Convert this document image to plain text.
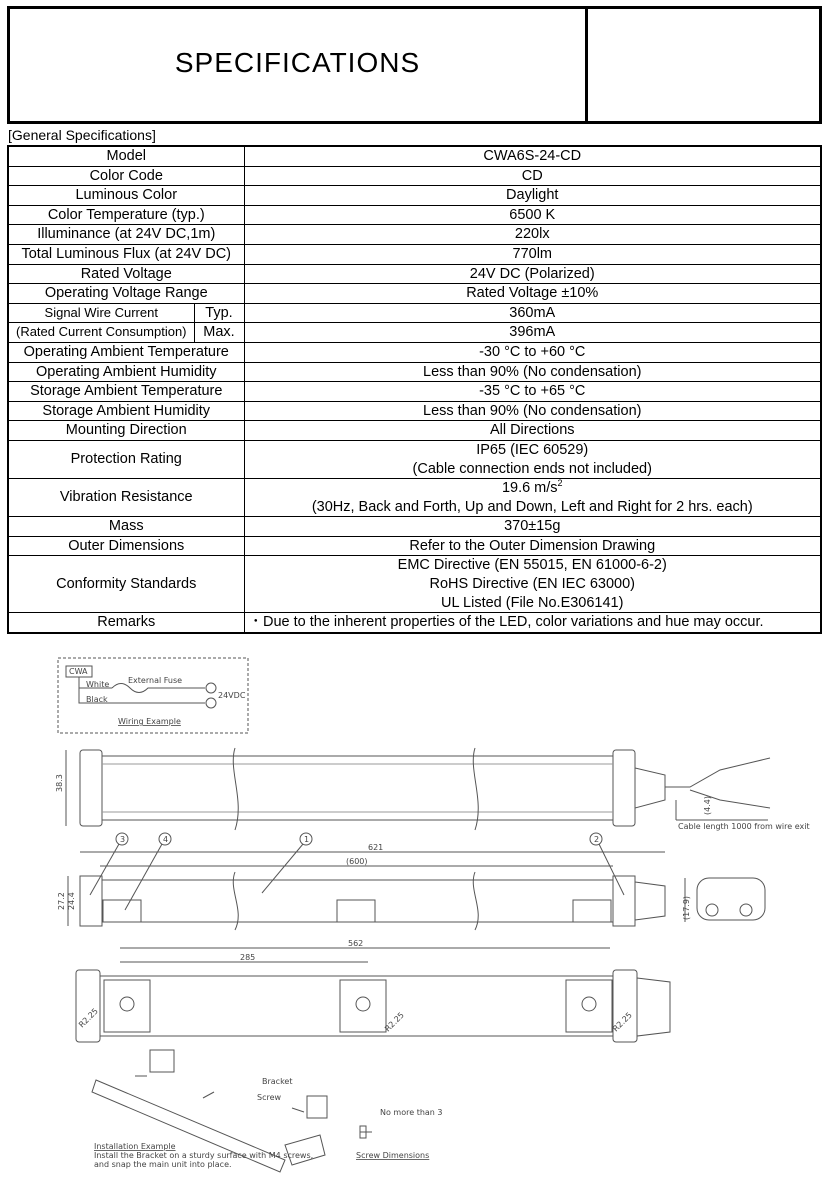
SPECIFICATIONS
[General Specifications]
Model		CWA6S-24-CD
Color Code		CD
Luminous Color		Daylight
Color Temperature (typ.)		6500 K
Illuminance (at 24V DC,1m)		220lx
Total Luminous Flux (at 24V DC)		770lm
Rated Voltage		24V DC (Polarized)
Operating Voltage Range		Rated Voltage ±10%
Signal Wire Current	Typ.	360mA
(Rated Current Consumption)	Max.	396mA
Operating Ambient Temperature		-30 °C to +60 °C
Operating Ambient Humidity		Less than 90% (No condensation)
Storage Ambient Temperature		-35 °C to +65 °C
Storage Ambient Humidity		Less than 90% (No condensation)
Mounting Direction		All Directions
Protection Rating		IP65 (IEC 60529)
		(Cable connection ends not included)
Vibration Resistance		19.6 $m/s^2$
		(30Hz, Back and Forth, Up and Down, Left and Right for 2 hrs. each)
Mass		370±15g
Outer Dimensions		Refer to the Outer Dimension Drawing
Conformity Standards		EMC Directive (EN 55015, EN 61000-6-2)
		RoHS Directive (EN IEC 63000)
		UL Listed (File No.E306141)
Remarks		・Due to the inherent properties of the LED, color variations and hue may occur.
CWA
White
Black
External Fuse
24VDC
Wiring Example
38.3
(4.4)
Cable length 1000 from wire exit
3	4	1	2
621
(600)
27.2 24.4	(17.9)
562
285
R2.25	R2.25	R2.25
Bracket
Screw
Installation Example
Install the Bracket on a sturdy surface with M4 screws,
and snap the main unit into place.
No more than 3
Screw Dimensions
